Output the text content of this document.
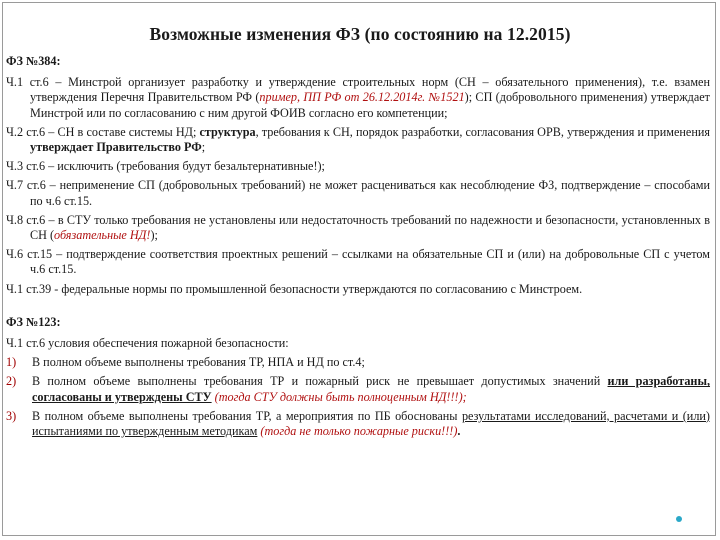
Возможные изменения ФЗ (по состоянию на 12.2015)
ФЗ №384:

Ч.1 ст.6 – Минстрой организует разработку и утверждение строительных норм (СН – обязательного применения), т.е. взамен утверждения Перечня Правительством РФ (пример, ПП РФ от 26.12.2014г. №1521); СП (добровольного применения) утверждает Минстрой или по согласованию с ним другой ФОИВ согласно его компетенции;

Ч.2 ст.6 – СН в составе системы НД; структура, требования к СН, порядок разработки, согласования ОРВ, утверждения и применения утверждает Правительство РФ;

Ч.3 ст.6 – исключить (требования будут безальтернативные!);

Ч.7 ст.6 – неприменение СП (добровольных требований) не может расцениваться как несоблюдение ФЗ, подтверждение – способами по ч.6 ст.15.

Ч.8 ст.6 – в СТУ только требования не установлены или недостаточность требований по надежности и безопасности, установленных в СН (обязательные НД!);

Ч.6 ст.15 – подтверждение соответствия проектных решений – ссылками на обязательные СП и (или) на добровольные СП с учетом ч.6 ст.15.

Ч.1 ст.39 - федеральные нормы по промышленной безопасности утверждаются по согласованию с Минстроем.

ФЗ №123:

Ч.1 ст.6 условия обеспечения пожарной безопасности:

1)	В полном объеме выполнены требования ТР, НПА и НД по ст.4;
2)	В полном объеме выполнены требования ТР и пожарный риск не превышает допустимых значений или разработаны, согласованы и утверждены СТУ (тогда СТУ должны быть полноценным НД!!!);
3)	В полном объеме выполнены требования ТР, а мероприятия по ПБ обоснованы результатами исследований, расчетами и (или) испытаниями по утвержденным методикам (тогда не только пожарные риски!!!).
